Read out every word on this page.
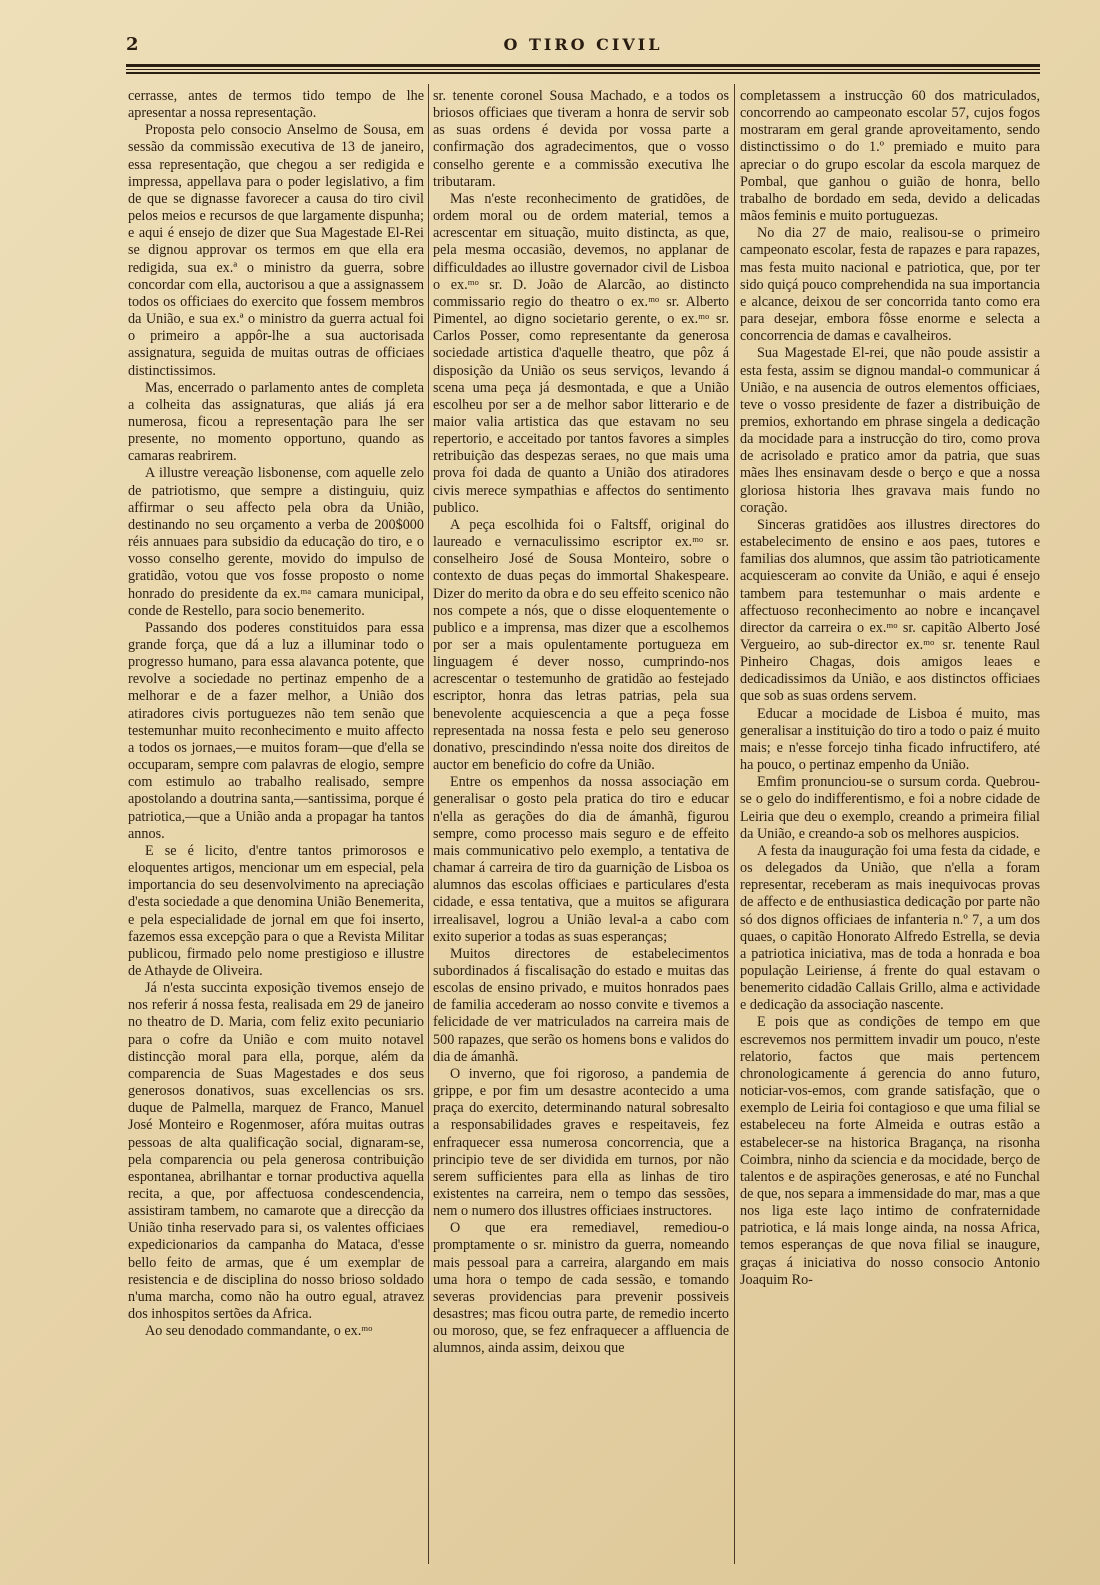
2	O TIRO CIVIL

cerrasse, antes de termos tido tempo de lhe apresentar a nossa representação.

Proposta pelo consocio Anselmo de Sousa, em sessão da commissão executiva de 13 de janeiro, essa representação, que chegou a ser redigida e impressa, appellava para o poder legislativo, a fim de que se dignasse favorecer a causa do tiro civil pelos meios e recursos de que largamente dispunha; e aqui é ensejo de dizer que Sua Magestade El-Rei se dignou approvar os termos em que ella era redigida, sua ex.ª o ministro da guerra, sobre concordar com ella, auctorisou a que a assignassem todos os officiaes do exercito que fossem membros da União, e sua ex.ª o ministro da guerra actual foi o primeiro a appôr-lhe a sua auctorisada assignatura, seguida de muitas outras de officiaes distinctissimos.

Mas, encerrado o parlamento antes de completa a colheita das assignaturas, que aliás já era numerosa, ficou a representação para lhe ser presente, no momento opportuno, quando as camaras reabrirem.

A illustre vereação lisbonense, com aquelle zelo de patriotismo, que sempre a distinguiu, quiz affirmar o seu affecto pela obra da União, destinando no seu orçamento a verba de 200$000 réis annuaes para subsidio da educação do tiro, e o vosso conselho gerente, movido do impulso de gratidão, votou que vos fosse proposto o nome honrado do presidente da ex.ᵐᵃ camara municipal, conde de Restello, para socio benemerito.

Passando dos poderes constituidos para essa grande força, que dá a luz a illuminar todo o progresso humano, para essa alavanca potente, que revolve a sociedade no pertinaz empenho de a melhorar e de a fazer melhor, a União dos atiradores civis portuguezes não tem senão que testemunhar muito reconhecimento e muito affecto a todos os jornaes,—e muitos foram—que d'ella se occuparam, sempre com palavras de elogio, sempre com estimulo ao trabalho realisado, sempre apostolando a doutrina santa,—santissima, porque é patriotica,—que a União anda a propagar ha tantos annos.

E se é licito, d'entre tantos primorosos e eloquentes artigos, mencionar um em especial, pela importancia do seu desenvolvimento na apreciação d'esta sociedade a que denomina União Benemerita, e pela especialidade de jornal em que foi inserto, fazemos essa excepção para o que a Revista Militar publicou, firmado pelo nome prestigioso e illustre de Athayde de Oliveira.

Já n'esta succinta exposição tivemos ensejo de nos referir á nossa festa, realisada em 29 de janeiro no theatro de D. Maria, com feliz exito pecuniario para o cofre da União e com muito notavel distincção moral para ella, porque, além da comparencia de Suas Magestades e dos seus generosos donativos, suas excellencias os srs. duque de Palmella, marquez de Franco, Manuel José Monteiro e Rogenmoser, afóra muitas outras pessoas de alta qualificação social, dignaram-se, pela comparencia ou pela generosa contribuição espontanea, abrilhantar e tornar productiva aquella recita, a que, por affectuosa condescendencia, assistiram tambem, no camarote que a direcção da União tinha reservado para si, os valentes officiaes expedicionarios da campanha do Mataca, d'esse bello feito de armas, que é um exemplar de resistencia e de disciplina do nosso brioso soldado n'uma marcha, como não ha outro egual, atravez dos inhospitos sertões da Africa.

Ao seu denodado commandante, o ex.ᵐᵒ

sr. tenente coronel Sousa Machado, e a todos os briosos officiaes que tiveram a honra de servir sob as suas ordens é devida por vossa parte a confirmação dos agradecimentos, que o vosso conselho gerente e a commissão executiva lhe tributaram.

Mas n'este reconhecimento de gratidões, de ordem moral ou de ordem material, temos a acrescentar em situação, muito distincta, as que, pela mesma occasião, devemos, no applanar de difficuldades ao illustre governador civil de Lisboa o ex.ᵐᵒ sr. D. João de Alarcão, ao distincto commissario regio do theatro o ex.ᵐᵒ sr. Alberto Pimentel, ao digno societario gerente, o ex.ᵐᵒ sr. Carlos Posser, como representante da generosa sociedade artistica d'aquelle theatro, que pôz á disposição da União os seus serviços, levando á scena uma peça já desmontada, e que a União escolheu por ser a de melhor sabor litterario e de maior valia artistica das que estavam no seu repertorio, e acceitado por tantos favores a simples retribuição das despezas seraes, no que mais uma prova foi dada de quanto a União dos atiradores civis merece sympathias e affectos do sentimento publico.

A peça escolhida foi o Faltsff, original do laureado e vernaculissimo escriptor ex.ᵐᵒ sr. conselheiro José de Sousa Monteiro, sobre o contexto de duas peças do immortal Shakespeare. Dizer do merito da obra e do seu effeito scenico não nos compete a nós, que o disse eloquentemente o publico e a imprensa, mas dizer que a escolhemos por ser a mais opulentamente portugueza em linguagem é dever nosso, cumprindo-nos acrescentar o testemunho de gratidão ao festejado escriptor, honra das letras patrias, pela sua benevolente acquiescencia a que a peça fosse representada na nossa festa e pelo seu generoso donativo, prescindindo n'essa noite dos direitos de auctor em beneficio do cofre da União.

Entre os empenhos da nossa associação em generalisar o gosto pela pratica do tiro e educar n'ella as gerações do dia de ámanhã, figurou sempre, como processo mais seguro e de effeito mais communicativo pelo exemplo, a tentativa de chamar á carreira de tiro da guarnição de Lisboa os alumnos das escolas officiaes e particulares d'esta cidade, e essa tentativa, que a muitos se afigurara irrealisavel, logrou a União leval-a a cabo com exito superior a todas as suas esperanças;

Muitos directores de estabelecimentos subordinados á fiscalisação do estado e muitas das escolas de ensino privado, e muitos honrados paes de familia accederam ao nosso convite e tivemos a felicidade de ver matriculados na carreira mais de 500 rapazes, que serão os homens bons e validos do dia de ámanhã.

O inverno, que foi rigoroso, a pandemia de grippe, e por fim um desastre acontecido a uma praça do exercito, determinando natural sobresalto a responsabilidades graves e respeitaveis, fez enfraquecer essa numerosa concorrencia, que a principio teve de ser dividida em turnos, por não serem sufficientes para ella as linhas de tiro existentes na carreira, nem o tempo das sessões, nem o numero dos illustres officiaes instructores.

O que era remediavel, remediou-o promptamente o sr. ministro da guerra, nomeando mais pessoal para a carreira, alargando em mais uma hora o tempo de cada sessão, e tomando severas providencias para prevenir possiveis desastres; mas ficou outra parte, de remedio incerto ou moroso, que, se fez enfraquecer a affluencia de alumnos, ainda assim, deixou que

completassem a instrucção 60 dos matriculados, concorrendo ao campeonato escolar 57, cujos fogos mostraram em geral grande aproveitamento, sendo distinctissimo o do 1.º premiado e muito para apreciar o do grupo escolar da escola marquez de Pombal, que ganhou o guião de honra, bello trabalho de bordado em seda, devido a delicadas mãos feminis e muito portuguezas.

No dia 27 de maio, realisou-se o primeiro campeonato escolar, festa de rapazes e para rapazes, mas festa muito nacional e patriotica, que, por ter sido quiçá pouco comprehendida na sua importancia e alcance, deixou de ser concorrida tanto como era para desejar, embora fôsse enorme e selecta a concorrencia de damas e cavalheiros.

Sua Magestade El-rei, que não poude assistir a esta festa, assim se dignou mandal-o communicar á União, e na ausencia de outros elementos officiaes, teve o vosso presidente de fazer a distribuição de premios, exhortando em phrase singela a dedicação da mocidade para a instrucção do tiro, como prova de acrisolado e pratico amor da patria, que suas mães lhes ensinavam desde o berço e que a nossa gloriosa historia lhes gravava mais fundo no coração.

Sinceras gratidões aos illustres directores do estabelecimento de ensino e aos paes, tutores e familias dos alumnos, que assim tão patrioticamente acquiesceram ao convite da União, e aqui é ensejo tambem para testemunhar o mais ardente e affectuoso reconhecimento ao nobre e incançavel director da carreira o ex.ᵐᵒ sr. capitão Alberto José Vergueiro, ao sub-director ex.ᵐᵒ sr. tenente Raul Pinheiro Chagas, dois amigos leaes e dedicadissimos da União, e aos distinctos officiaes que sob as suas ordens servem.

Educar a mocidade de Lisboa é muito, mas generalisar a instituição do tiro a todo o paiz é muito mais; e n'esse forcejo tinha ficado infructifero, até ha pouco, o pertinaz empenho da União.

Emfim pronunciou-se o sursum corda. Quebrou-se o gelo do indifferentismo, e foi a nobre cidade de Leiria que deu o exemplo, creando a primeira filial da União, e creando-a sob os melhores auspicios.

A festa da inauguração foi uma festa da cidade, e os delegados da União, que n'ella a foram representar, receberam as mais inequivocas provas de affecto e de enthusiastica dedicação por parte não só dos dignos officiaes de infanteria n.º 7, a um dos quaes, o capitão Honorato Alfredo Estrella, se devia a patriotica iniciativa, mas de toda a honrada e boa população Leiriense, á frente do qual estavam o benemerito cidadão Callais Grillo, alma e actividade e dedicação da associação nascente.

E pois que as condições de tempo em que escrevemos nos permittem invadir um pouco, n'este relatorio, factos que mais pertencem chronologicamente á gerencia do anno futuro, noticiar-vos-emos, com grande satisfação, que o exemplo de Leiria foi contagioso e que uma filial se estabeleceu na forte Almeida e outras estão a estabelecer-se na historica Bragança, na risonha Coimbra, ninho da sciencia e da mocidade, berço de talentos e de aspirações generosas, e até no Funchal de que, nos separa a immensidade do mar, mas a que nos liga este laço intimo de confraternidade patriotica, e lá mais longe ainda, na nossa Africa, temos esperanças de que nova filial se inaugure, graças á iniciativa do nosso consocio Antonio Joaquim Ro-
